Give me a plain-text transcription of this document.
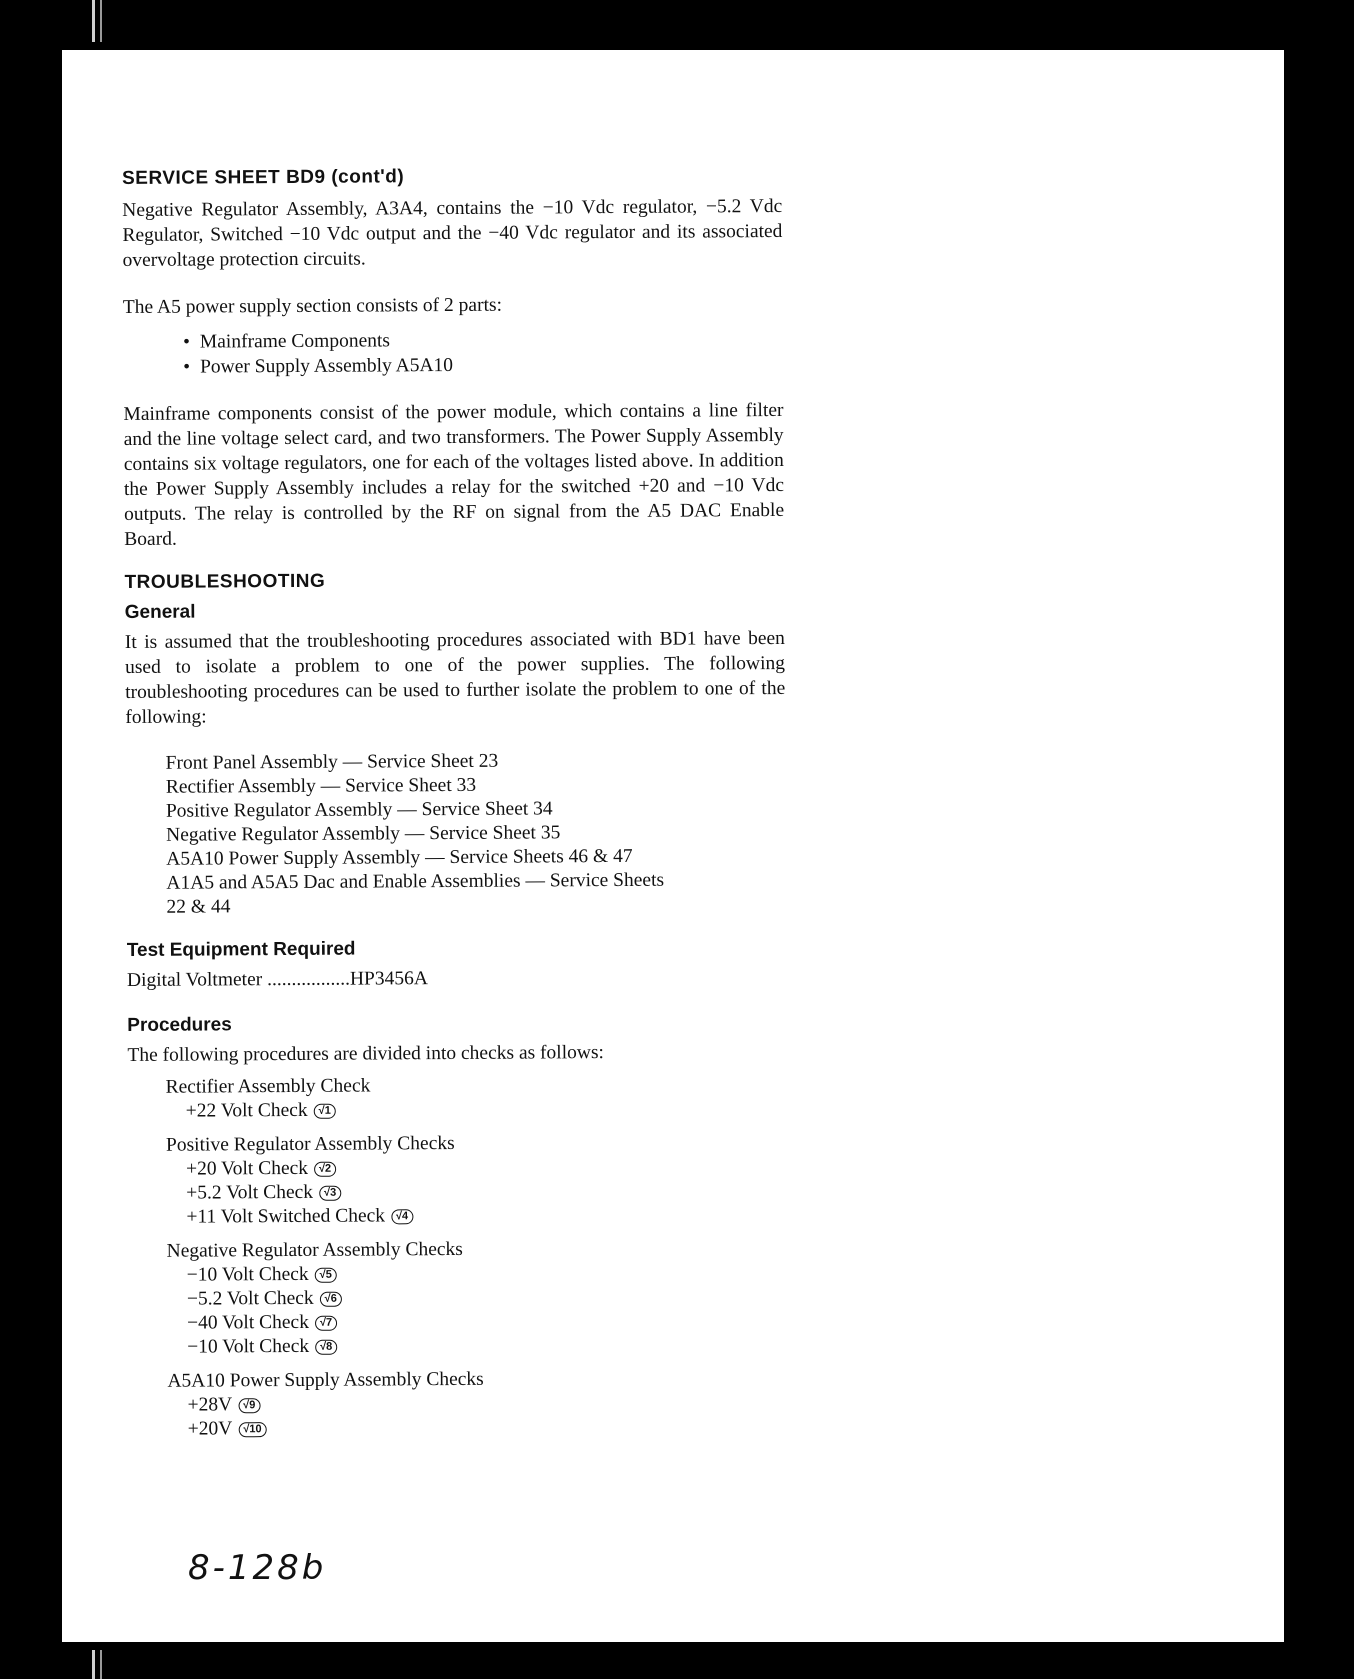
SERVICE SHEET BD9 (cont'd)

Negative Regulator Assembly, A3A4, contains the −10 Vdc regulator, −5.2 Vdc Regulator, Switched −10 Vdc output and the −40 Vdc regulator and its associated overvoltage protection circuits.

The A5 power supply section consists of 2 parts:

• Mainframe Components
• Power Supply Assembly A5A10

Mainframe components consist of the power module, which contains a line filter and the line voltage select card, and two transformers. The Power Supply Assembly contains six voltage regulators, one for each of the voltages listed above. In addition the Power Supply Assembly includes a relay for the switched +20 and −10 Vdc outputs. The relay is controlled by the RF on signal from the A5 DAC Enable Board.

TROUBLESHOOTING
General

It is assumed that the troubleshooting procedures associated with BD1 have been used to isolate a problem to one of the power supplies. The following troubleshooting procedures can be used to further isolate the problem to one of the following:

Front Panel Assembly — Service Sheet 23
Rectifier Assembly — Service Sheet 33
Positive Regulator Assembly — Service Sheet 34
Negative Regulator Assembly — Service Sheet 35
A5A10 Power Supply Assembly — Service Sheets 46 & 47
A1A5 and A5A5 Dac and Enable Assemblies — Service Sheets
22 & 44
Test Equipment Required
Digital Voltmeter .................HP3456A
Procedures

The following procedures are divided into checks as follows:

Rectifier Assembly Check
+22 Volt Check √1
Positive Regulator Assembly Checks
+20 Volt Check √2
+5.2 Volt Check √3
+11 Volt Switched Check √4
Negative Regulator Assembly Checks
−10 Volt Check √5
−5.2 Volt Check √6
−40 Volt Check √7
−10 Volt Check √8
A5A10 Power Supply Assembly Checks
+28V √9
+20V √10
8-128b
